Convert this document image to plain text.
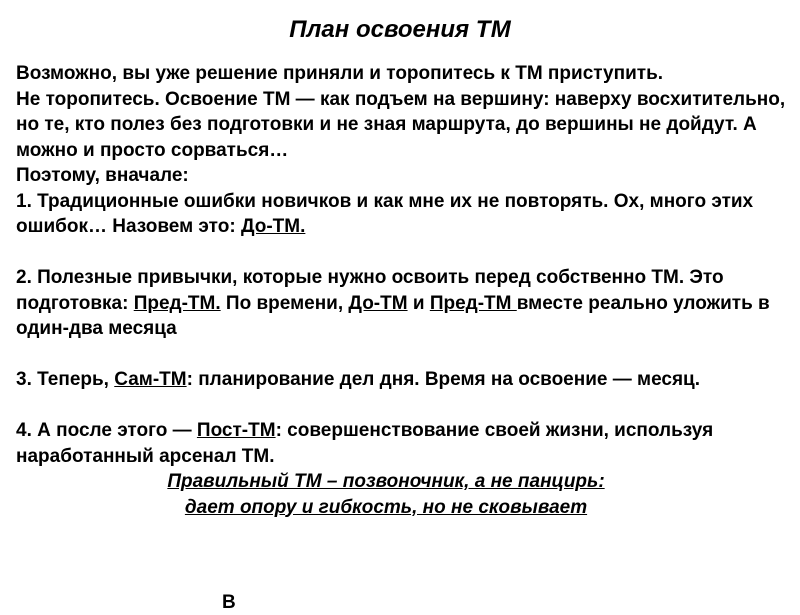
План освоения ТМ

Возможно, вы уже решение приняли и торопитесь к ТМ приступить.

Не торопитесь. Освоение ТМ — как подъем на вершину: наверху восхитительно, но те, кто полез без подготовки и не зная маршрута, до вершины не дойдут. А можно и просто сорваться…

Поэтому, вначале:

1. Традиционные ошибки новичков и как мне их не повторять. Ох, много этих ошибок… Назовем это: До-ТМ.

2. Полезные привычки, которые нужно освоить перед собственно ТМ. Это подготовка: Пред-ТМ. По времени, До-ТМ и Пред-ТМ вместе реально уложить в один-два месяца

3. Теперь, Сам-ТМ: планирование дел дня. Время на освоение — месяц.

4. А после этого — Пост-ТМ: совершенствование своей жизни, используя наработанный арсенал ТМ.

Правильный ТМ – позвоночник, а не панцирь:

дает опору и гибкость, но не сковывает

В
